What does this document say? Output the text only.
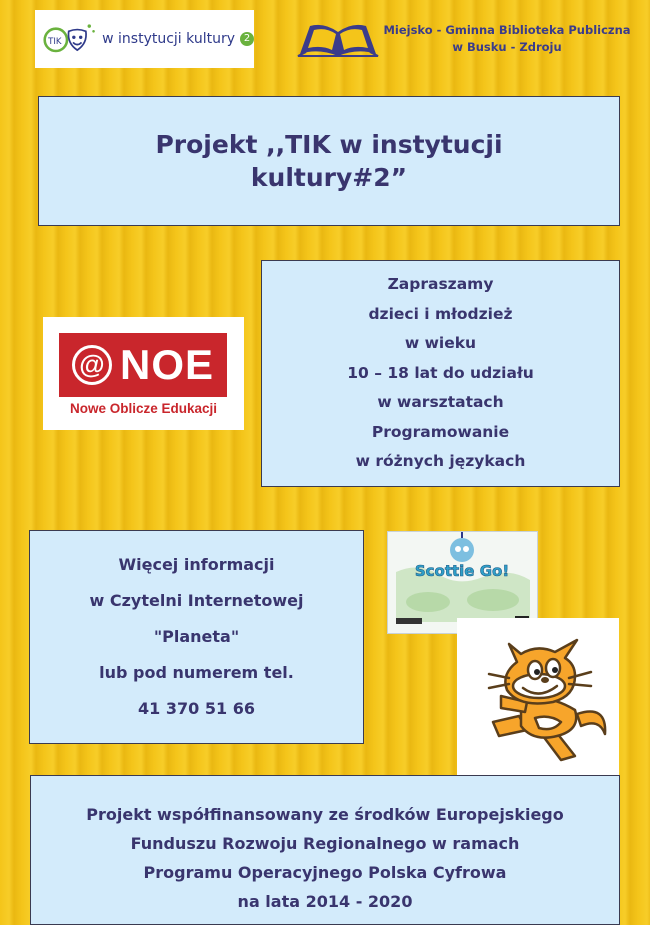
TIK	w instytucji kultury 2
Miejsko - Gminna Biblioteka Publiczna
w Busku - Zdroju
Projekt ,,TIK w instytucji
kultury#2”
@ NOE
Nowe Oblicze Edukacji
Zapraszamy
dzieci i młodzież
w wieku
10 – 18 lat do udziału
w warsztatach
Programowanie
w różnych językach
Więcej informacji
w Czytelni Internetowej
"Planeta"
lub pod numerem tel.
41 370 51 66
Scottie Go!
Projekt współfinansowany ze środków Europejskiego
Funduszu Rozwoju Regionalnego w ramach
Programu Operacyjnego Polska Cyfrowa
na lata 2014 - 2020
